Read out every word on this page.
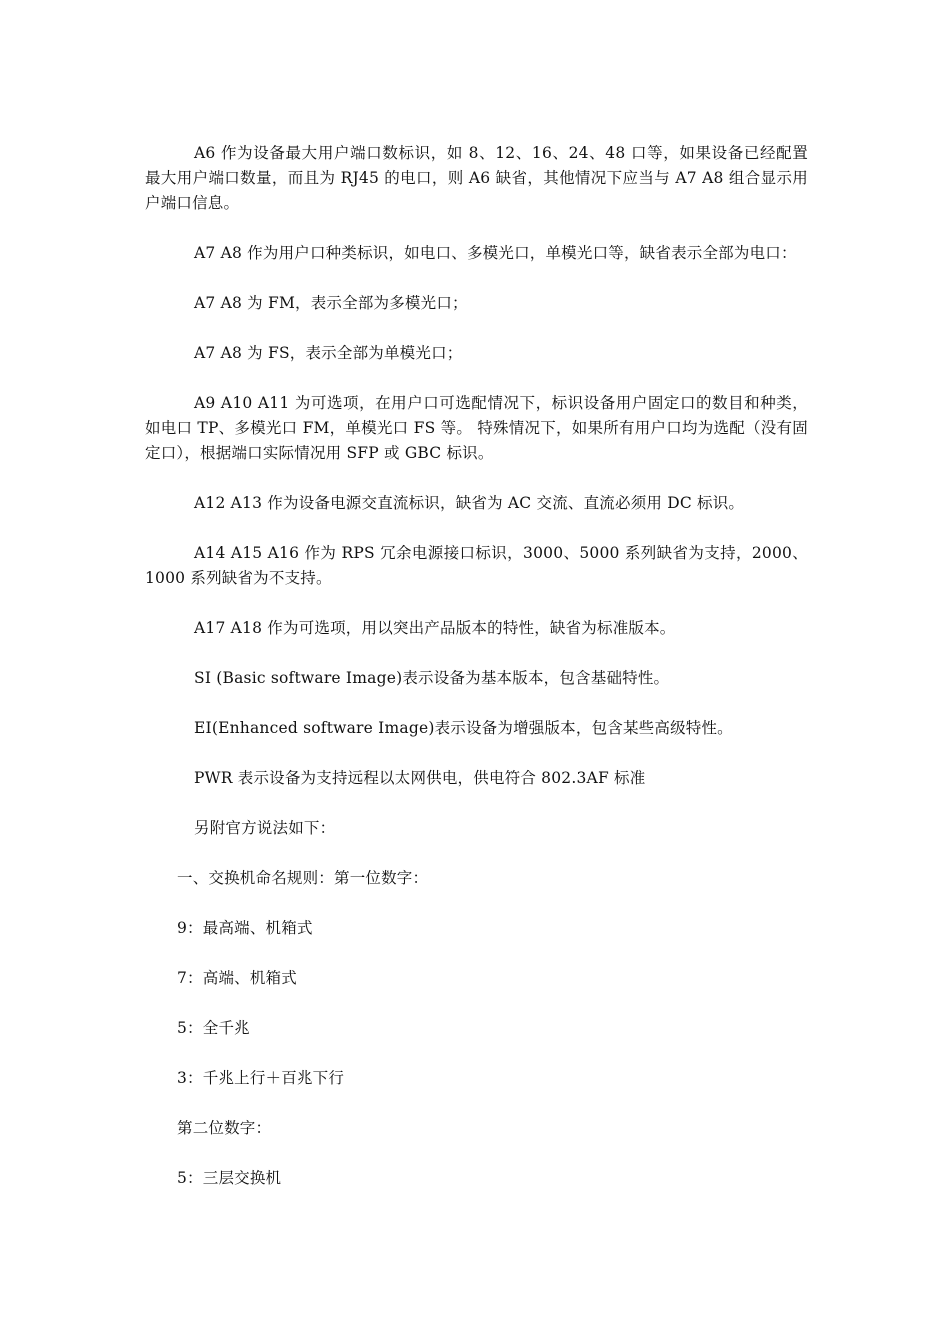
A6 作为设备最大用户端口数标识，如 8、12、16、24、48 口等，如果设备已经配置最大用户端口数量，而且为 RJ45 的电口，则 A6 缺省，其他情况下应当与 A7 A8 组合显示用户端口信息。

A7 A8 作为用户口种类标识，如电口、多模光口，单模光口等，缺省表示全部为电口：

A7 A8 为 FM，表示全部为多模光口；

A7 A8 为 FS，表示全部为单模光口；

A9 A10 A11 为可选项，在用户口可选配情况下，标识设备用户固定口的数目和种类，如电口 TP、多模光口 FM，单模光口 FS 等。 特殊情况下，如果所有用户口均为选配（没有固定口），根据端口实际情况用 SFP 或 GBC 标识。

A12 A13 作为设备电源交直流标识，缺省为 AC 交流、直流必须用 DC 标识。

A14 A15 A16 作为 RPS 冗余电源接口标识，3000、5000 系列缺省为支持，2000、1000 系列缺省为不支持。

A17 A18 作为可选项，用以突出产品版本的特性，缺省为标准版本。

SI (Basic software Image)表示设备为基本版本，包含基础特性。

EI(Enhanced software Image)表示设备为增强版本，包含某些高级特性。

PWR 表示设备为支持远程以太网供电，供电符合 802.3AF 标准

另附官方说法如下：

一、交换机命名规则：第一位数字：

9：最高端、机箱式

7：高端、机箱式

5：全千兆

3：千兆上行＋百兆下行

第二位数字：

5：三层交换机
